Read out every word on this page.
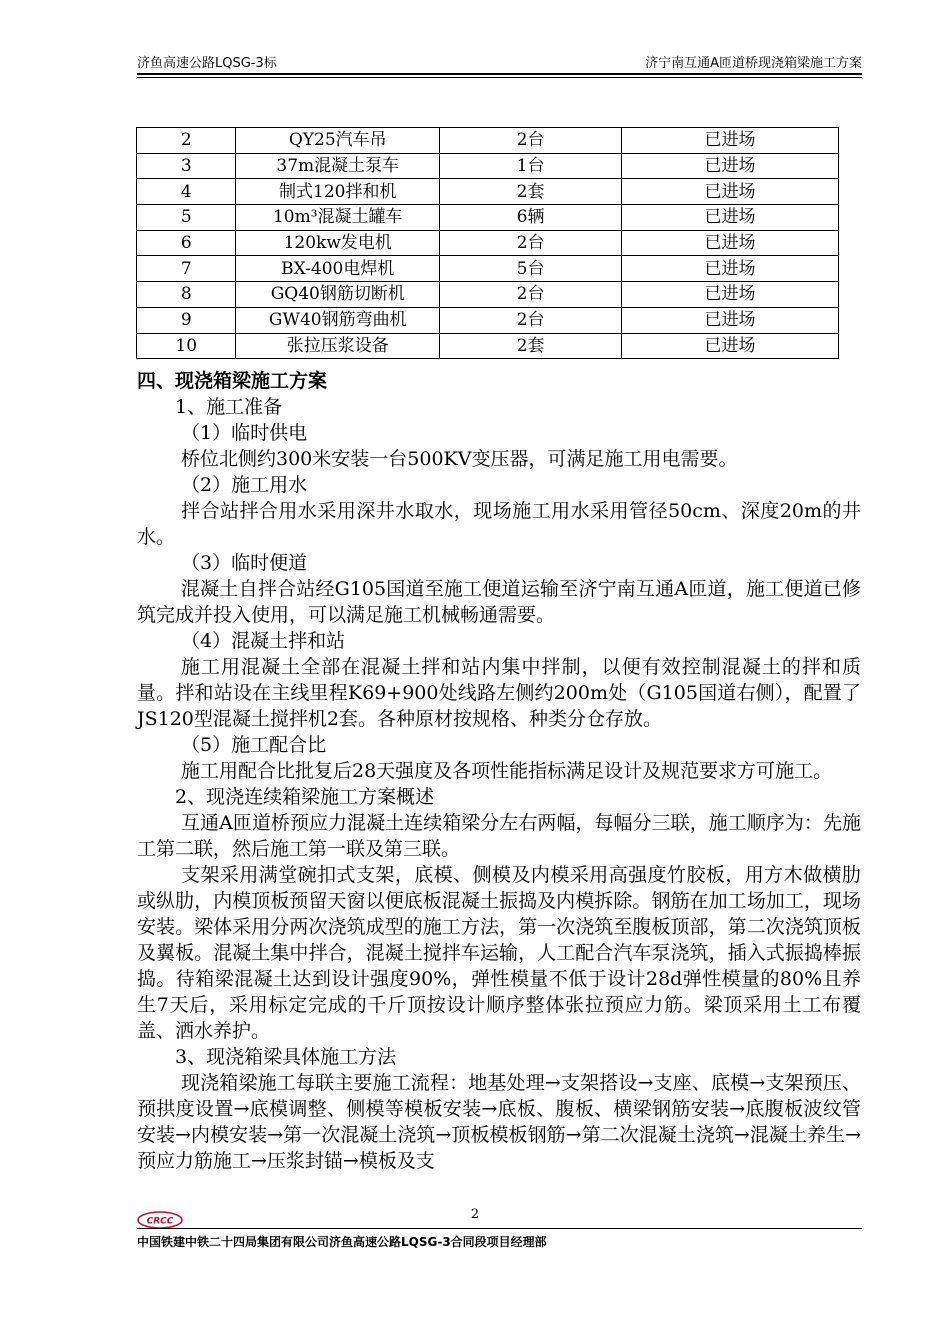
济鱼高速公路LQSG-3标	济宁南互通A匝道桥现浇箱梁施工方案
2	QY25汽车吊	2台	已进场
3	37m混凝土泵车	1台	已进场
4	制式120拌和机	2套	已进场
5	10m³混凝土罐车	6辆	已进场
6	120kw发电机	2台	已进场
7	BX-400电焊机	5台	已进场
8	GQ40钢筋切断机	2台	已进场
9	GW40钢筋弯曲机	2台	已进场
10	张拉压浆设备	2套	已进场

四、现浇箱梁施工方案

1、施工准备

（1）临时供电

桥位北侧约300米安装一台500KV变压器，可满足施工用电需要。

（2）施工用水

拌合站拌合用水采用深井水取水，现场施工用水采用管径50cm、深度20m的井水。

（3）临时便道

混凝土自拌合站经G105国道至施工便道运输至济宁南互通A匝道，施工便道已修筑完成并投入使用，可以满足施工机械畅通需要。

（4）混凝土拌和站

施工用混凝土全部在混凝土拌和站内集中拌制，以便有效控制混凝土的拌和质量。拌和站设在主线里程K69+900处线路左侧约200m处（G105国道右侧），配置了JS120型混凝土搅拌机2套。各种原材按规格、种类分仓存放。

（5）施工配合比

施工用配合比批复后28天强度及各项性能指标满足设计及规范要求方可施工。

2、现浇连续箱梁施工方案概述

互通A匝道桥预应力混凝土连续箱梁分左右两幅，每幅分三联，施工顺序为：先施工第二联，然后施工第一联及第三联。

支架采用满堂碗扣式支架，底模、侧模及内模采用高强度竹胶板，用方木做横肋或纵肋，内模顶板预留天窗以便底板混凝土振捣及内模拆除。钢筋在加工场加工，现场安装。梁体采用分两次浇筑成型的施工方法，第一次浇筑至腹板顶部，第二次浇筑顶板及翼板。混凝土集中拌合，混凝土搅拌车运输，人工配合汽车泵浇筑，插入式振捣棒振捣。待箱梁混凝土达到设计强度90%，弹性模量不低于设计28d弹性模量的80%且养生7天后，采用标定完成的千斤顶按设计顺序整体张拉预应力筋。梁顶采用土工布覆盖、洒水养护。

3、现浇箱梁具体施工方法

现浇箱梁施工每联主要施工流程：地基处理→支架搭设→支座、底模→支架预压、预拱度设置→底模调整、侧模等模板安装→底板、腹板、横梁钢筋安装→底腹板波纹管安装→内模安装→第一次混凝土浇筑→顶板模板钢筋→第二次混凝土浇筑→混凝土养生→预应力筋施工→压浆封锚→模板及支

2
CRCC
中国铁建中铁二十四局集团有限公司济鱼高速公路LQSG-3合同段项目经理部
